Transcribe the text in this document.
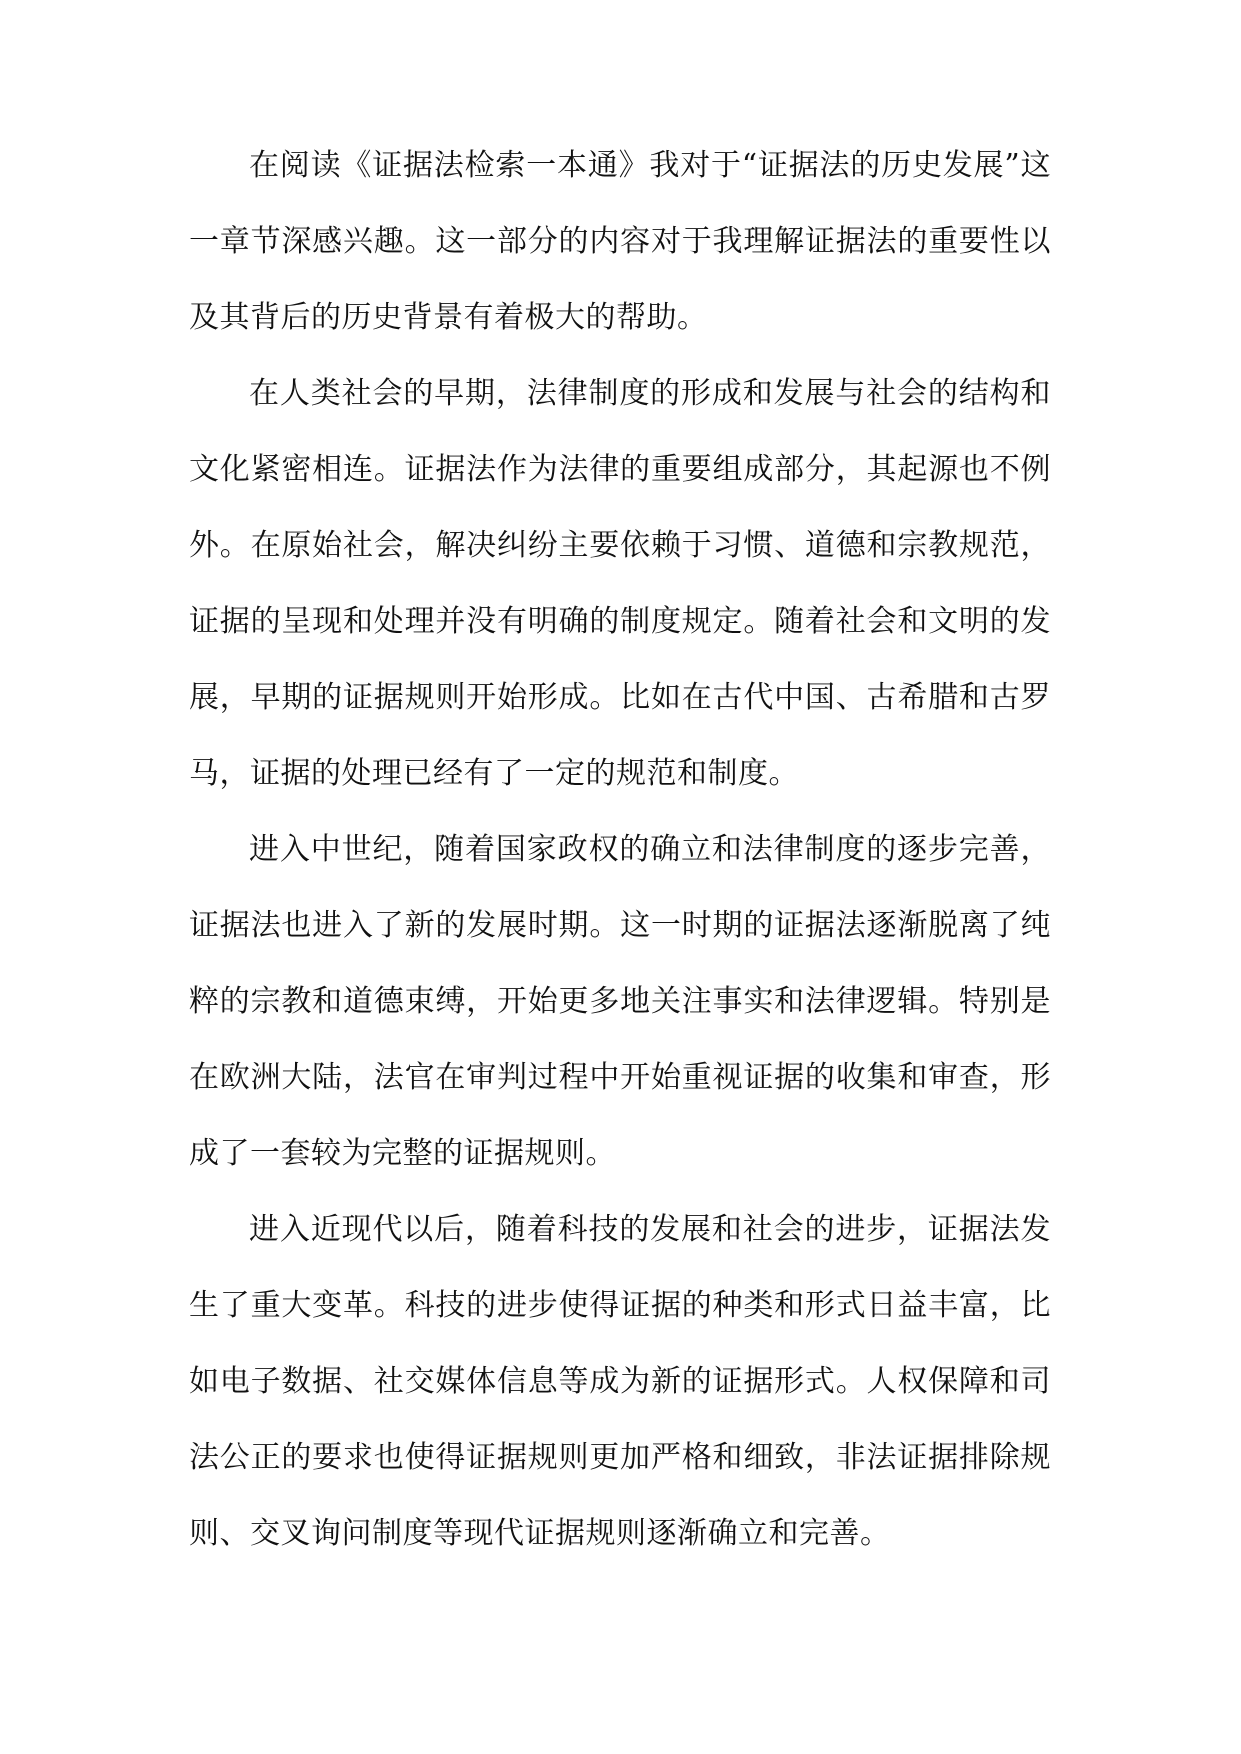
在阅读《证据法检索一本通》我对于“证据法的历史发展”这一章节深感兴趣。这一部分的内容对于我理解证据法的重要性以及其背后的历史背景有着极大的帮助。

在人类社会的早期，法律制度的形成和发展与社会的结构和文化紧密相连。证据法作为法律的重要组成部分，其起源也不例外。在原始社会，解决纠纷主要依赖于习惯、道德和宗教规范，证据的呈现和处理并没有明确的制度规定。随着社会和文明的发展，早期的证据规则开始形成。比如在古代中国、古希腊和古罗马，证据的处理已经有了一定的规范和制度。

进入中世纪，随着国家政权的确立和法律制度的逐步完善，证据法也进入了新的发展时期。这一时期的证据法逐渐脱离了纯粹的宗教和道德束缚，开始更多地关注事实和法律逻辑。特别是在欧洲大陆，法官在审判过程中开始重视证据的收集和审查，形成了一套较为完整的证据规则。

进入近现代以后，随着科技的发展和社会的进步，证据法发生了重大变革。科技的进步使得证据的种类和形式日益丰富，比如电子数据、社交媒体信息等成为新的证据形式。人权保障和司法公正的要求也使得证据规则更加严格和细致，非法证据排除规则、交叉询问制度等现代证据规则逐渐确立和完善。
